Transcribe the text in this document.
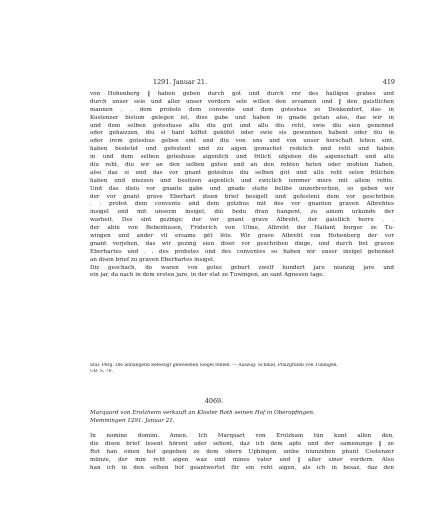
1291. Januar 21.	419
von Hohenberg ‖ haben geben durch got und durch vnr des hailigen grabes und
durch unser sele und aller unser vordern sele willen den ersamen und ‖ den gaistlichen
mannen . . dem probste dem convente und dem goteshus ze Denkendorf, das in
Kostenzer bistum gelegen ist, dise gabe und haben in gnade getan also, das wir in
und dem selben goteshuse allu diu gůt und allu diu reht, swie diu sien genennet
oder gehaizzen, diu si hant köffet geköfet oder swie sis gewunnen habent oder diu in
oder irem goteshus geben sint und diu von uns und von unser herschaft lehen sint,
haben bestetet und gefestent und zu aigen gemachet redelich und reht und haben
in und dem selben goteshuse aigenlich und frilich ufgeben die aigenschaft und allu
diu reht, diu wir an den selben gůten und an den rehten heten oder mohten haben,
also das si und das vor gnant goteshus diu selben gůt und allu reht selen frilichen
haben und niezzen und besitzen aigenlich und ewiclich iemmer mere mit allem rehte.
Und das disiu vor gnante gabe und gnade steite belibe unzerbrochen, so geben wir
der vor gnant grave Eberhart disen brief besigelt und gefestent dem vor geschriben
. . probst dem convente und dem gotzhus mit des vor gnanten graven Albrehtes
insigel und mit unserm insigel, diu bedu dran hangent, zu ainem urkunde der
warheit. Des sint gezinge: der vor gnant grave Albreht, der gaistlich herre . .
der abte von Bebenhusen, Friderich von Ulme, Albreht der Hailant burger ze Tu-
wingen und ander vil ersame gět lěte. Wir grave Albreht von Hohenberg der vor
gnant verjehen, das wir gezing sien diser vor geschriben dinge, und durch bet graven
Eberhartes und . . des probstes und des conventes so haben wir unser insigel gehenket
an disen brief zu graven Eberhartes insigel.
Diz geschach, do waren von gotes geburt zwelf hundert jare niunzig jare und
ein jar, da nach in dem ersten jare, in der stat ze Tuwingen, an sant Agnesen tage.
Stál. Perg. Die anhangend befestigt gewesenen Siegel fehlen. — Auszug: Schmid, Pfalzgrafen von Tübingen,
UB. S. 70.
4069.
Marquard von Erolzheim verkauft an Kloster Roth seinen Hof in Oberopfingen.
Memmingen 1291. Januar 21.
In nomine domini. Amen. Ich Marquart von Erolzhain tůn kunt allen den,
die disen brief lesent hörent oder sehent, daz ich dem apte und der samenunge ‖ ze
Rot han einen hof gegeben ze dem obern Uphingen umbe niunzehen phunt Costenzer
münze, der min reht aigen waz und mines vater und ‖ aller siner vordern. Also
han ich in den selben hof geantwertet für ein reht aigen, als ich in besaz, daz den
